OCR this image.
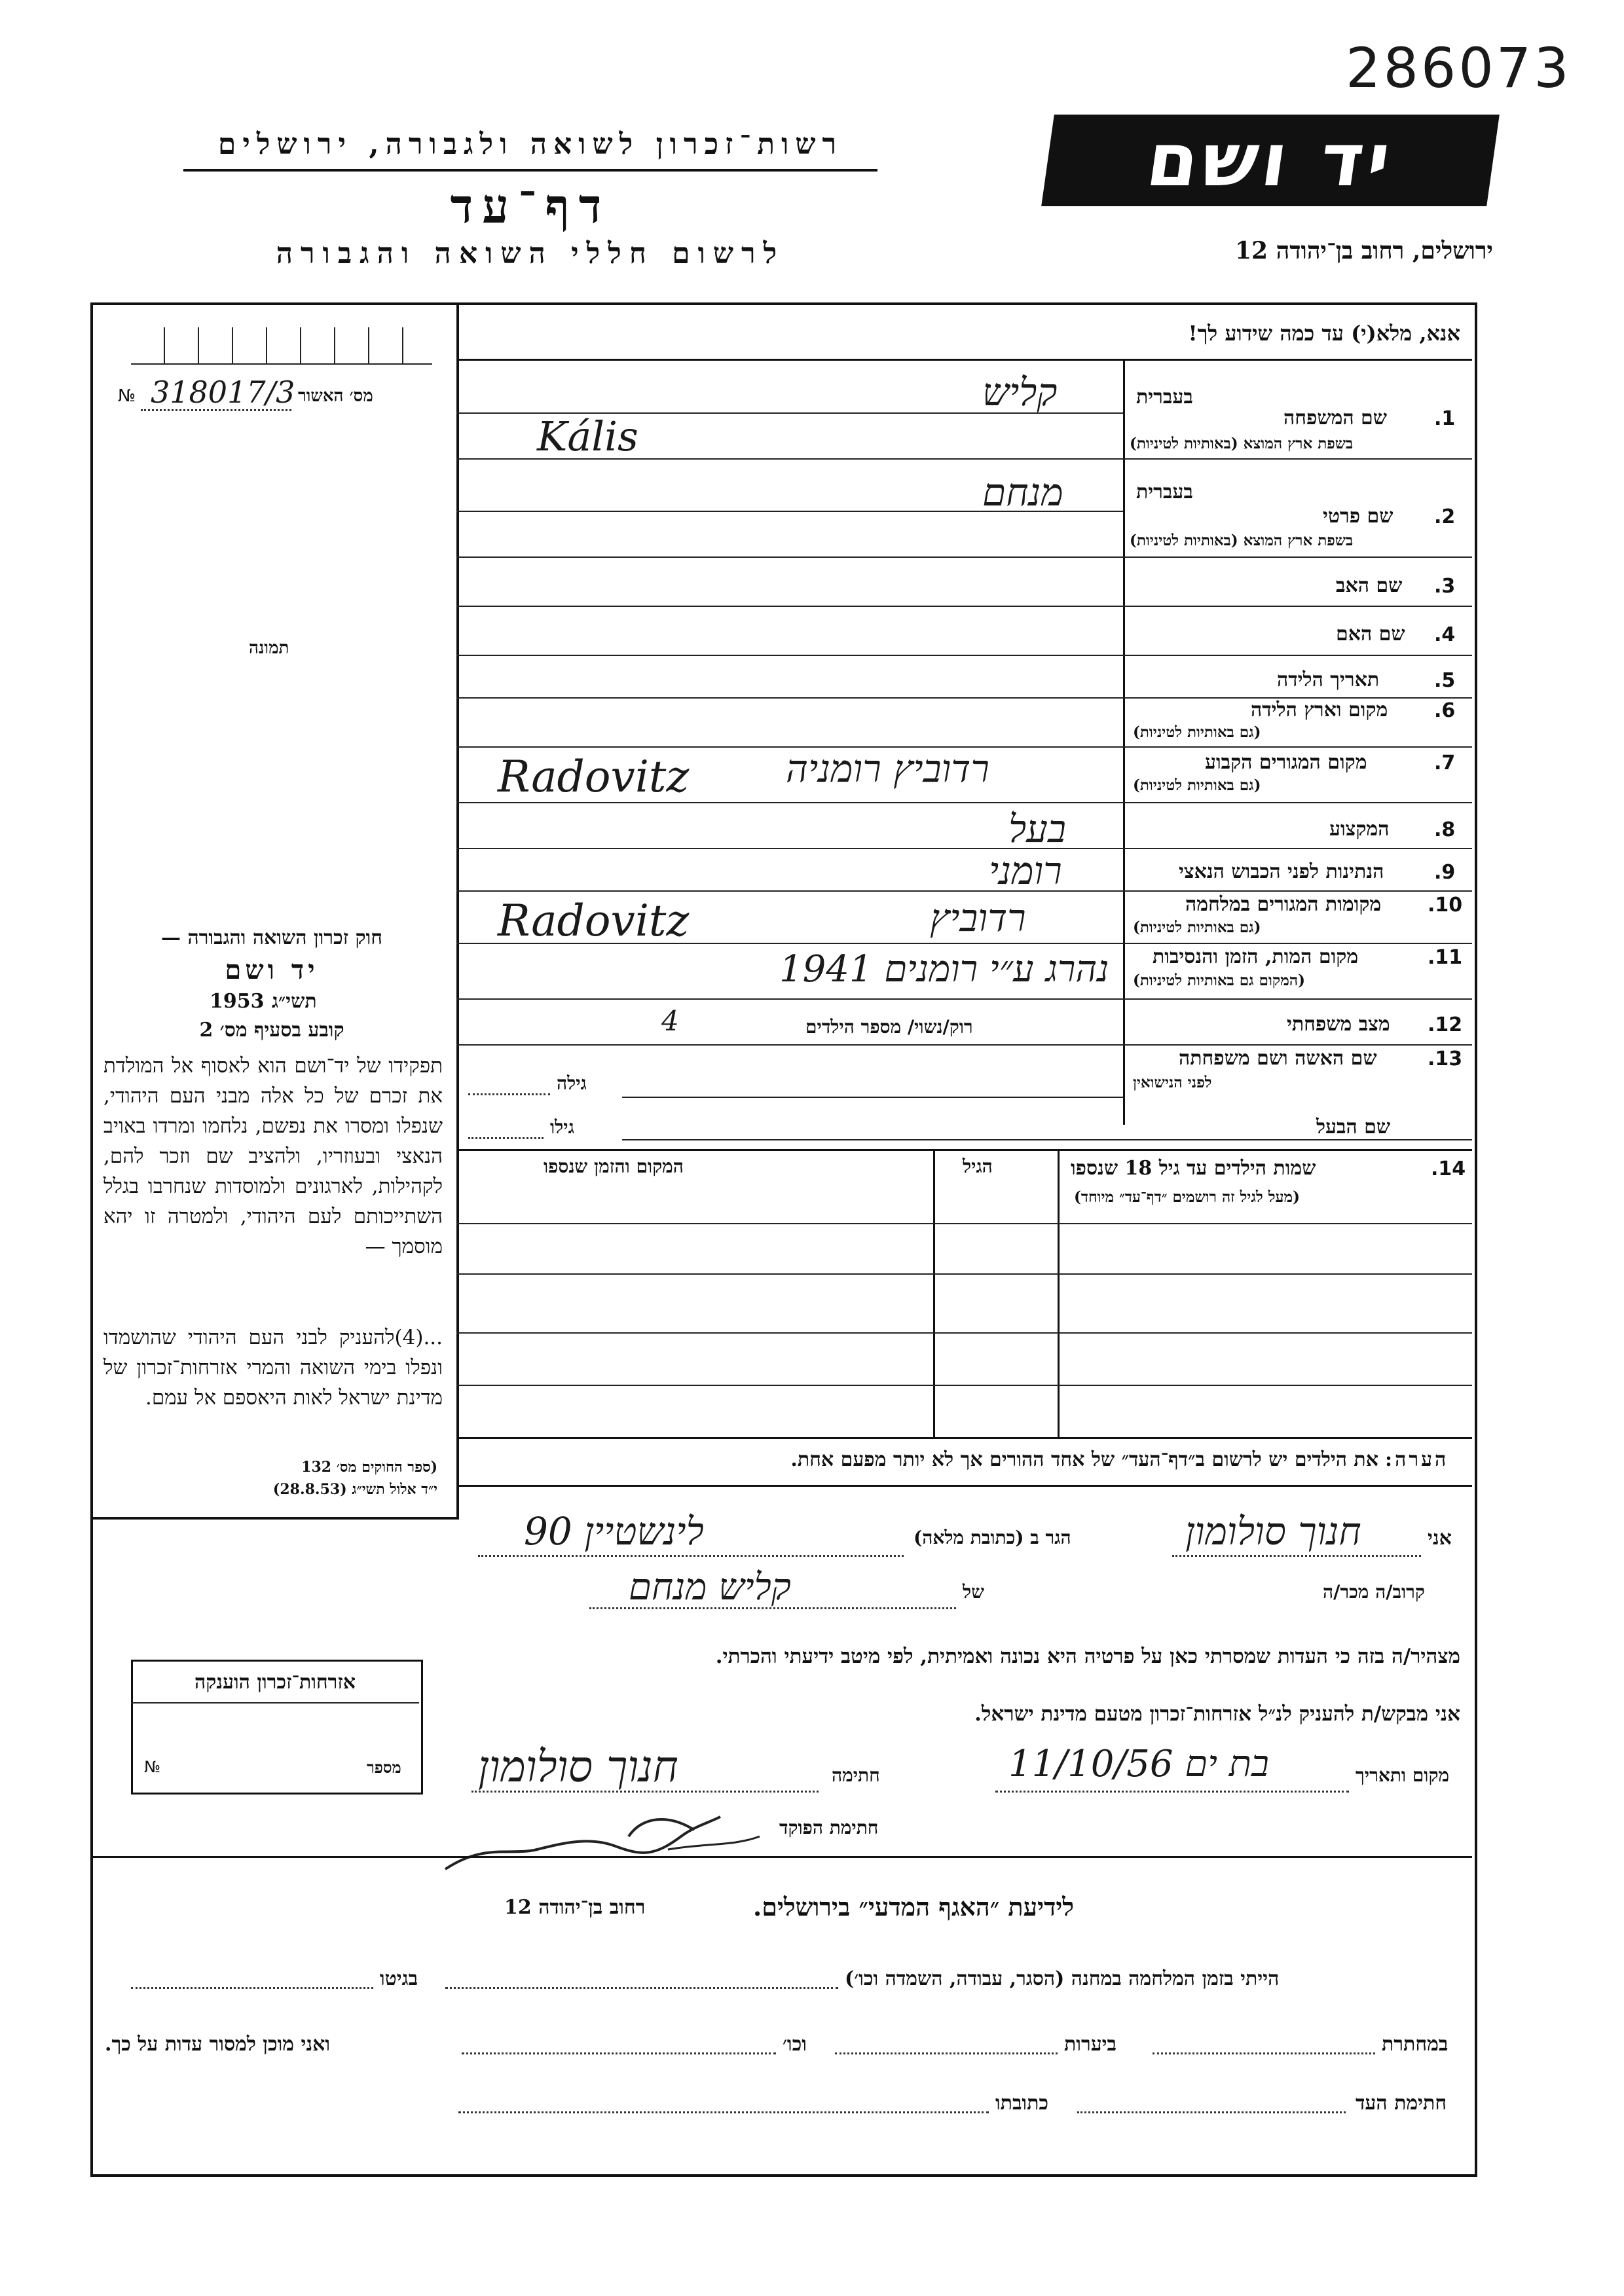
286073
רשות־זכרון לשואה ולגבורה, ירושלים
דף־עד
לרשום חללי השואה והגבורה
יד ושם
ירושלים, רחוב בן־יהודה 12
מס׳ האשור
318017/3
№
תמונה
חוק זכרון השואה והגבורה —
יד ושם
תשי״ג
1953
קובע בסעיף מס׳ 2
תפקידו של יד־ושם הוא לאסוף אל המולדת את זכרם של כל אלה מבני העם היהודי, שנפלו ומסרו את נפשם, נלחמו ומרדו באויב הנאצי ובעוזריו, ולהציב שם וזכר להם, לקהילות, לארגונים ולמוסדות שנחרבו בגלל השתייכותם לעם היהודי, ולמטרה זו יהא מוסמך —
...(4)להעניק לבני העם היהודי שהושמדו ונפלו בימי השואה והמרי אזרחות־זכרון של מדינת ישראל לאות היאספם אל עמם.
(ספר החוקים מס׳ 132
י״ד אלול תשי״ג (28.8.53)
אזרחות־זכרון הוענקה
מספר
№
אנא, מלא(י) עד כמה שידוע לך!
1.
שם המשפחה
בשפת ארץ המוצא (באותיות לטיניות)
בעברית
קליש
Kális
2.
שם פרטי
בשפת ארץ המוצא (באותיות לטיניות)
בעברית
מנחם
3.
שם האב
4.
שם האם
5.
תאריך הלידה
6.
מקום וארץ הלידה
(גם באותיות לטיניות)
7.
מקום המגורים הקבוע
(גם באותיות לטיניות)
Radovitz	רדוביץ רומניה
8.
המקצוע
בעל
9.
הנתינות לפני הכבוש הנאצי
רומני
10.
מקומות המגורים במלחמה
(גם באותיות לטיניות)
Radovitz	רדוביץ
11.
מקום המות, הזמן והנסיבות
(המקום גם באותיות לטיניות)
נהרג ע״י רומנים 1941
12.
מצב משפחתי
רוק/נשוי/ מספר הילדים
4
13.
שם האשה ושם משפחתה
לפני הנישואין
גילה
שם הבעל
גילו
14.
שמות הילדים עד גיל 18 שנספו
(מעל לגיל זה רושמים ״דף־עד״ מיוחד)
הגיל
המקום והזמן שנספו
הערה:
את הילדים יש לרשום ב״דף־העד״ של אחד ההורים אך לא יותר מפעם אחת.
אני
חנוך סולומון
הגר ב (כתובת מלאה)
לינשטיין 90
קרוב/ה מכר/ה
של
קליש מנחם
מצהיר/ה בזה כי העדות שמסרתי כאן על פרטיה היא נכונה ואמיתית, לפי מיטב ידיעתי והכרתי.
אני מבקש/ת להעניק לנ״ל אזרחות־זכרון מטעם מדינת ישראל.
מקום ותאריך
בת ים 11/10/56
חתימה
חנוך סולומון
חתימת הפוקד
לידיעת ״האגף המדעי״ בירושלים.
רחוב בן־יהודה 12
הייתי בזמן המלחמה במחנה (הסגר, עבודה, השמדה וכו׳)
בגיטו
במחתרת
ביערות
וכו׳
ואני מוכן למסור עדות על כך.
חתימת העד
כתובתו
